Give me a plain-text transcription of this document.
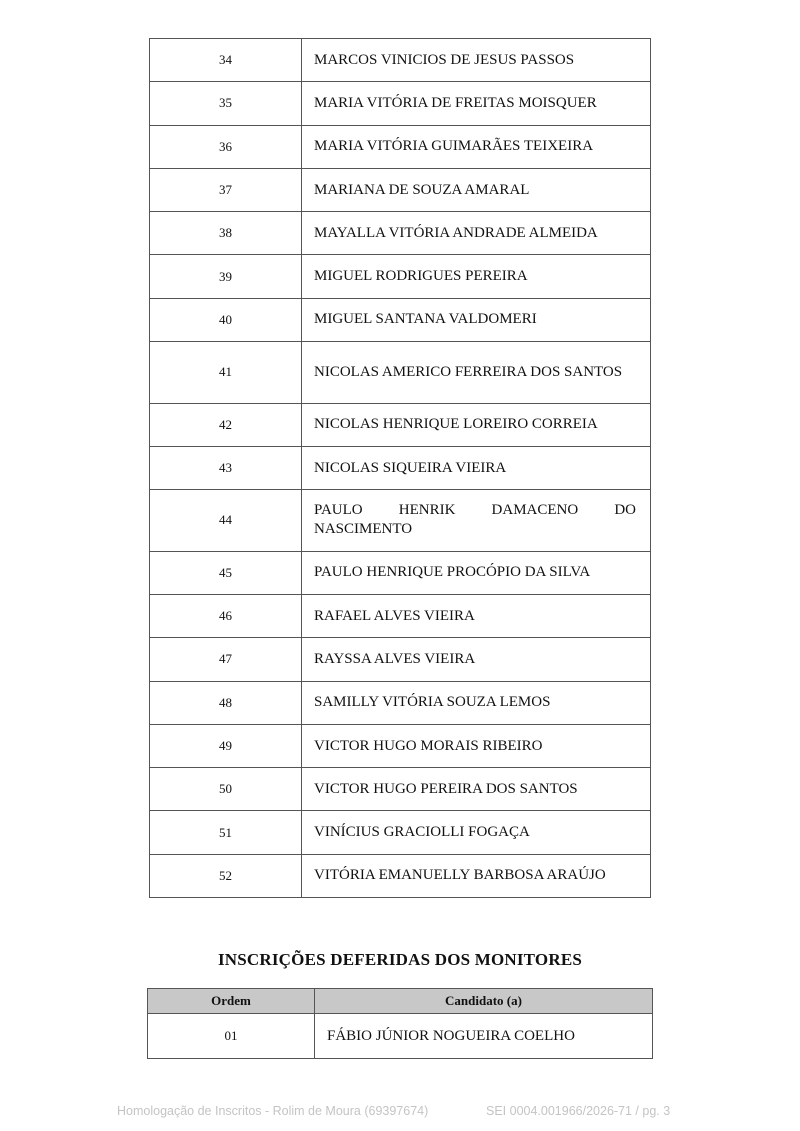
34	MARCOS VINICIOS DE JESUS PASSOS
35	MARIA VITÓRIA DE FREITAS MOISQUER
36	MARIA VITÓRIA GUIMARÃES TEIXEIRA
37	MARIANA DE SOUZA AMARAL
38	MAYALLA VITÓRIA ANDRADE ALMEIDA
39	MIGUEL RODRIGUES PEREIRA
40	MIGUEL SANTANA VALDOMERI
41	NICOLAS AMERICO FERREIRA DOS SANTOS
42	NICOLAS HENRIQUE LOREIRO CORREIA
43	NICOLAS SIQUEIRA VIEIRA
44	PAULO HENRIK DAMACENO DO NASCIMENTO
45	PAULO HENRIQUE PROCÓPIO DA SILVA
46	RAFAEL ALVES VIEIRA
47	RAYSSA ALVES VIEIRA
48	SAMILLY VITÓRIA SOUZA LEMOS
49	VICTOR HUGO MORAIS RIBEIRO
50	VICTOR HUGO PEREIRA DOS SANTOS
51	VINÍCIUS GRACIOLLI FOGAÇA
52	VITÓRIA EMANUELLY BARBOSA ARAÚJO
INSCRIÇÕES DEFERIDAS DOS MONITORES
Ordem	Candidato (a)
01	FÁBIO JÚNIOR NOGUEIRA COELHO
Homologação de Inscritos - Rolim de Moura (69397674)	SEI 0004.001966/2026-71 / pg. 3
